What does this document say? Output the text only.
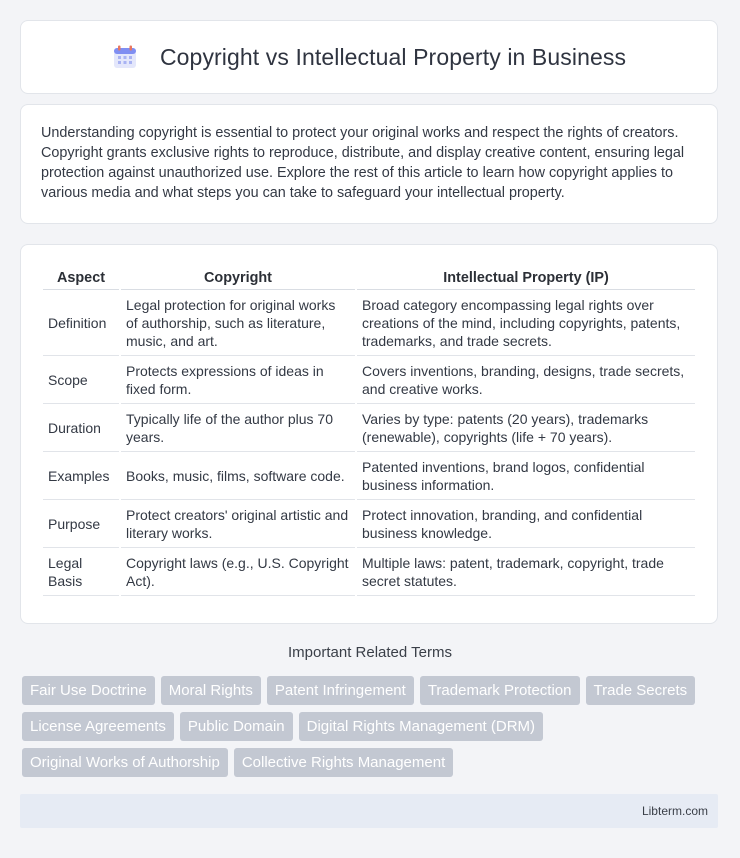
Copyright vs Intellectual Property in Business

Understanding copyright is essential to protect your original works and respect the rights of creators. Copyright grants exclusive rights to reproduce, distribute, and display creative content, ensuring legal protection against unauthorized use. Explore the rest of this article to learn how copyright applies to various media and what steps you can take to safeguard your intellectual property.

Aspect	Copyright	Intellectual Property (IP)
Definition	Legal protection for original works of authorship, such as literature, music, and art.	Broad category encompassing legal rights over creations of the mind, including copyrights, patents, trademarks, and trade secrets.
Scope	Protects expressions of ideas in fixed form.	Covers inventions, branding, designs, trade secrets, and creative works.
Duration	Typically life of the author plus 70 years.	Varies by type: patents (20 years), trademarks (renewable), copyrights (life + 70 years).
Examples	Books, music, films, software code.	Patented inventions, brand logos, confidential business information.
Purpose	Protect creators' original artistic and literary works.	Protect innovation, branding, and confidential business knowledge.
Legal Basis	Copyright laws (e.g., U.S. Copyright Act).	Multiple laws: patent, trademark, copyright, trade secret statutes.
Important Related Terms
Fair Use Doctrine	Moral Rights	Patent Infringement	Trademark Protection	Trade Secrets
License Agreements	Public Domain	Digital Rights Management (DRM)
Original Works of Authorship	Collective Rights Management
Libterm.com
